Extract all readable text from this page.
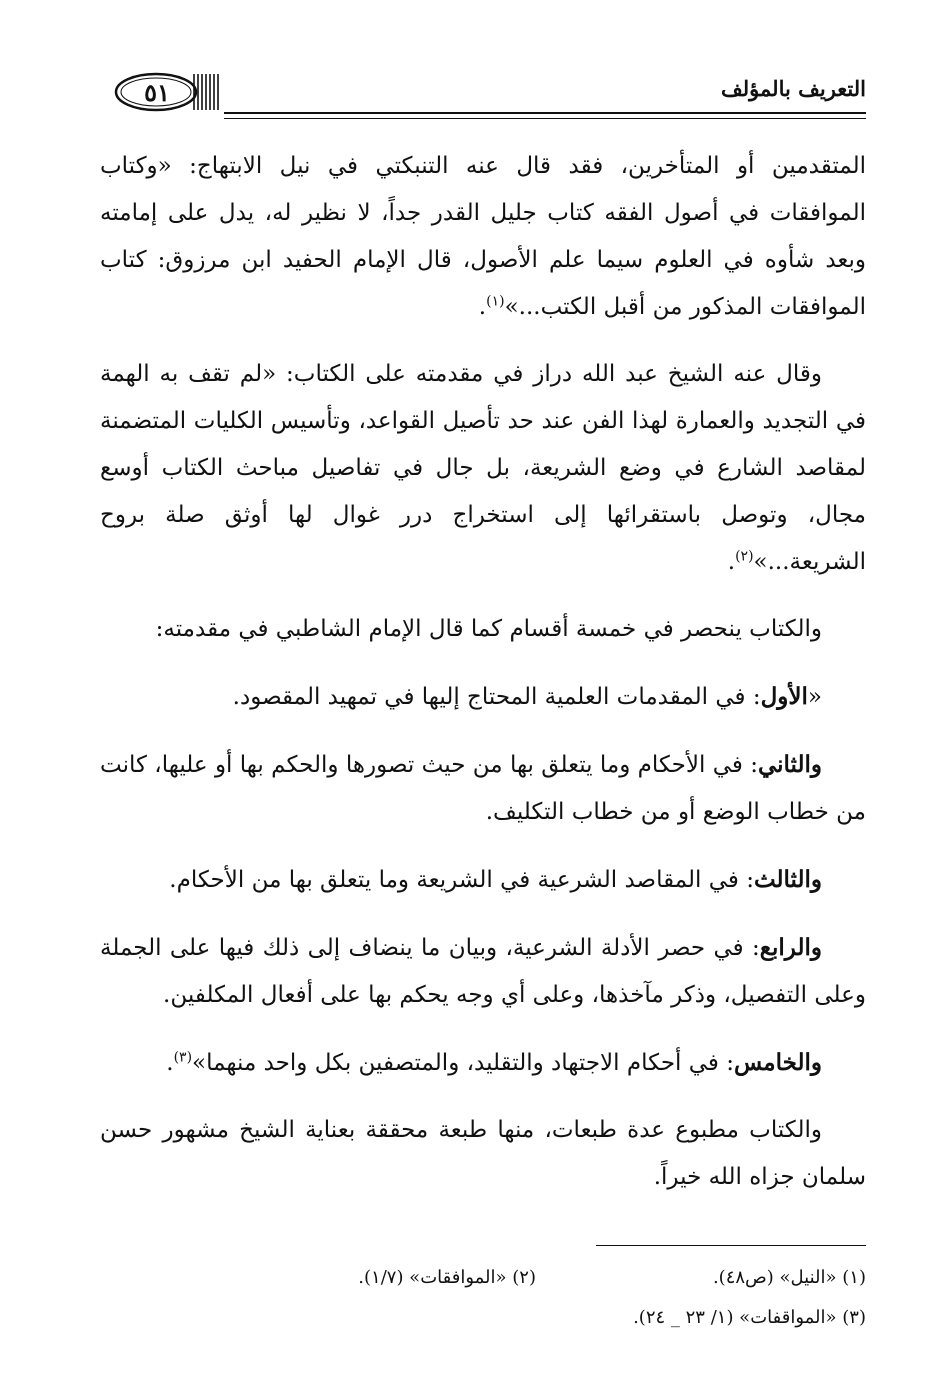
٥١	التعريف بالمؤلف

المتقدمين أو المتأخرين، فقد قال عنه التنبكتي في نيل الابتهاج: «وكتاب الموافقات في أصول الفقه كتاب جليل القدر جداً، لا نظير له، يدل على إمامته وبعد شأوه في العلوم سيما علم الأصول، قال الإمام الحفيد ابن مرزوق: كتاب الموافقات المذكور من أقبل الكتب...»$^{(١)}$.

وقال عنه الشيخ عبد الله دراز في مقدمته على الكتاب: «لم تقف به الهمة في التجديد والعمارة لهذا الفن عند حد تأصيل القواعد، وتأسيس الكليات المتضمنة لمقاصد الشارع في وضع الشريعة، بل جال في تفاصيل مباحث الكتاب أوسع مجال، وتوصل باستقرائها إلى استخراج درر غوال لها أوثق صلة بروح الشريعة...»$^{(٢)}$.

والكتاب ينحصر في خمسة أقسام كما قال الإمام الشاطبي في مقدمته:

«الأول: في المقدمات العلمية المحتاج إليها في تمهيد المقصود.

والثاني: في الأحكام وما يتعلق بها من حيث تصورها والحكم بها أو عليها، كانت من خطاب الوضع أو من خطاب التكليف.

والثالث: في المقاصد الشرعية في الشريعة وما يتعلق بها من الأحكام.

والرابع: في حصر الأدلة الشرعية، وبيان ما ينضاف إلى ذلك فيها على الجملة وعلى التفصيل، وذكر مآخذها، وعلى أي وجه يحكم بها على أفعال المكلفين.

والخامس: في أحكام الاجتهاد والتقليد، والمتصفين بكل واحد منهما»$^{(٣)}$.

والكتاب مطبوع عدة طبعات، منها طبعة محققة بعناية الشيخ مشهور حسن سلمان جزاه الله خيراً.

(١) «النيل» (ص٤٨).
(٢) «الموافقات» (١/٧).
(٣) «المواقفات» (١/ ٢٣ _ ٢٤).
